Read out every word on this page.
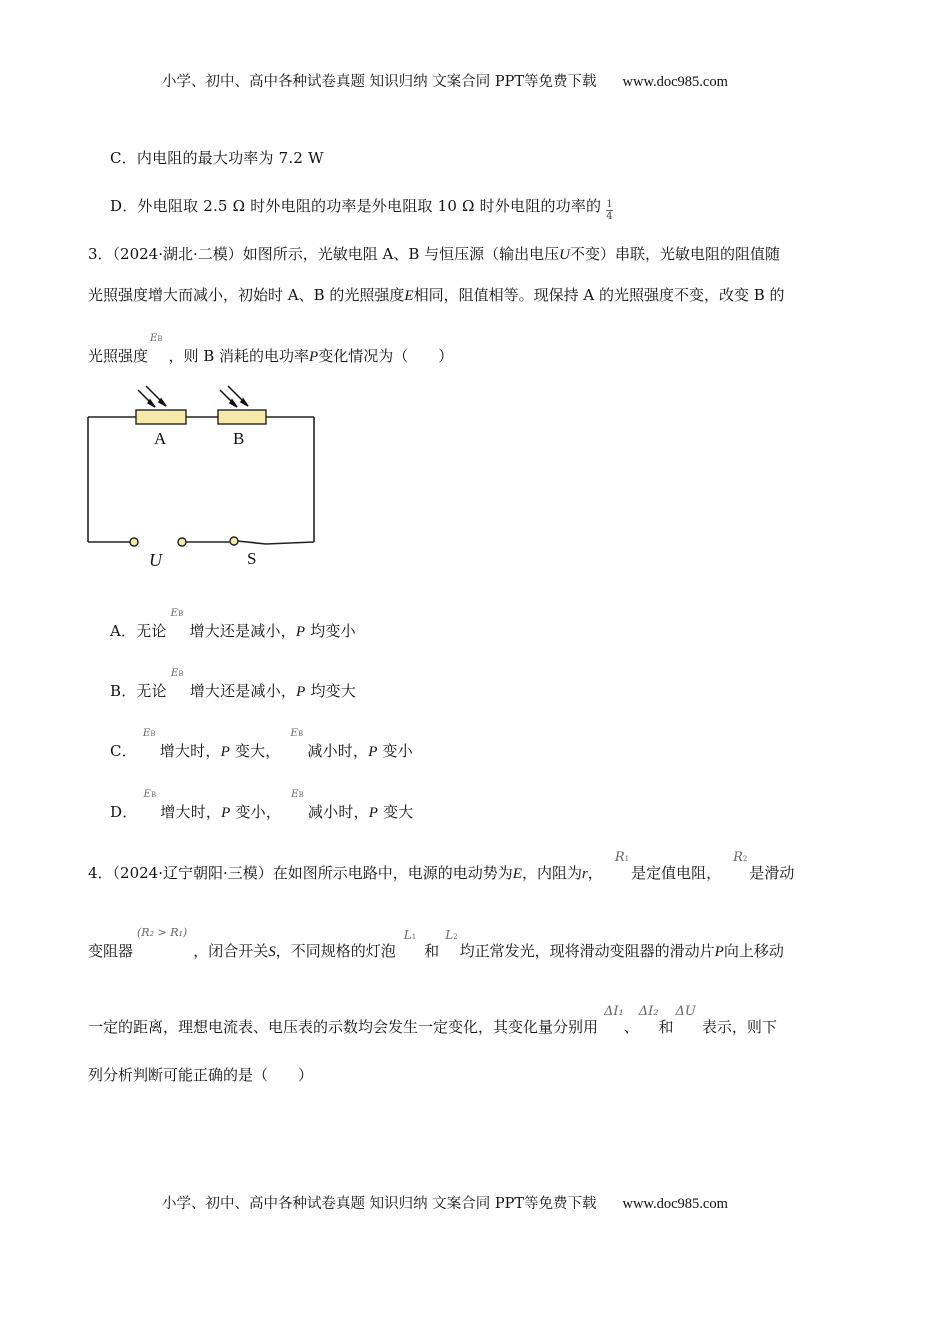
小学、初中、高中各种试卷真题 知识归纳 文案合同 PPT等免费下载 www.doc985.com
C．内电阻的最大功率为 7.2 W
D．外电阻取 2.5 Ω 时外电阻的功率是外电阻取 10 Ω 时外电阻的功率的 $\frac{1}{4}$
3．（2024·湖北·二模）如图所示，光敏电阻 A、B 与恒压源（输出电压U不变）串联，光敏电阻的阻值随
光照强度增大而减小，初始时 A、B 的光照强度E相同，阻值相等。现保持 A 的光照强度不变，改变 B 的
光照强度EB，则 B 消耗的电功率P变化情况为（　　）
A	B
U	S
A．无论EB增大还是减小，P 均变小
B．无论EB增大还是减小，P 均变大
C．EB增大时，P 变大，EB减小时，P 变小
D．EB增大时，P 变小，EB减小时，P 变大
4．（2024·辽宁朝阳·三模）在如图所示电路中，电源的电动势为E，内阻为r，R1是定值电阻，R2是滑动
变阻器(R₂ > R₁)，闭合开关S，不同规格的灯泡L1和L2均正常发光，现将滑动变阻器的滑动片P向上移动
一定的距离，理想电流表、电压表的示数均会发生一定变化，其变化量分别用ΔI₁、ΔI₂和ΔU表示，则下
列分析判断可能正确的是（　　）
小学、初中、高中各种试卷真题 知识归纳 文案合同 PPT等免费下载 www.doc985.com
